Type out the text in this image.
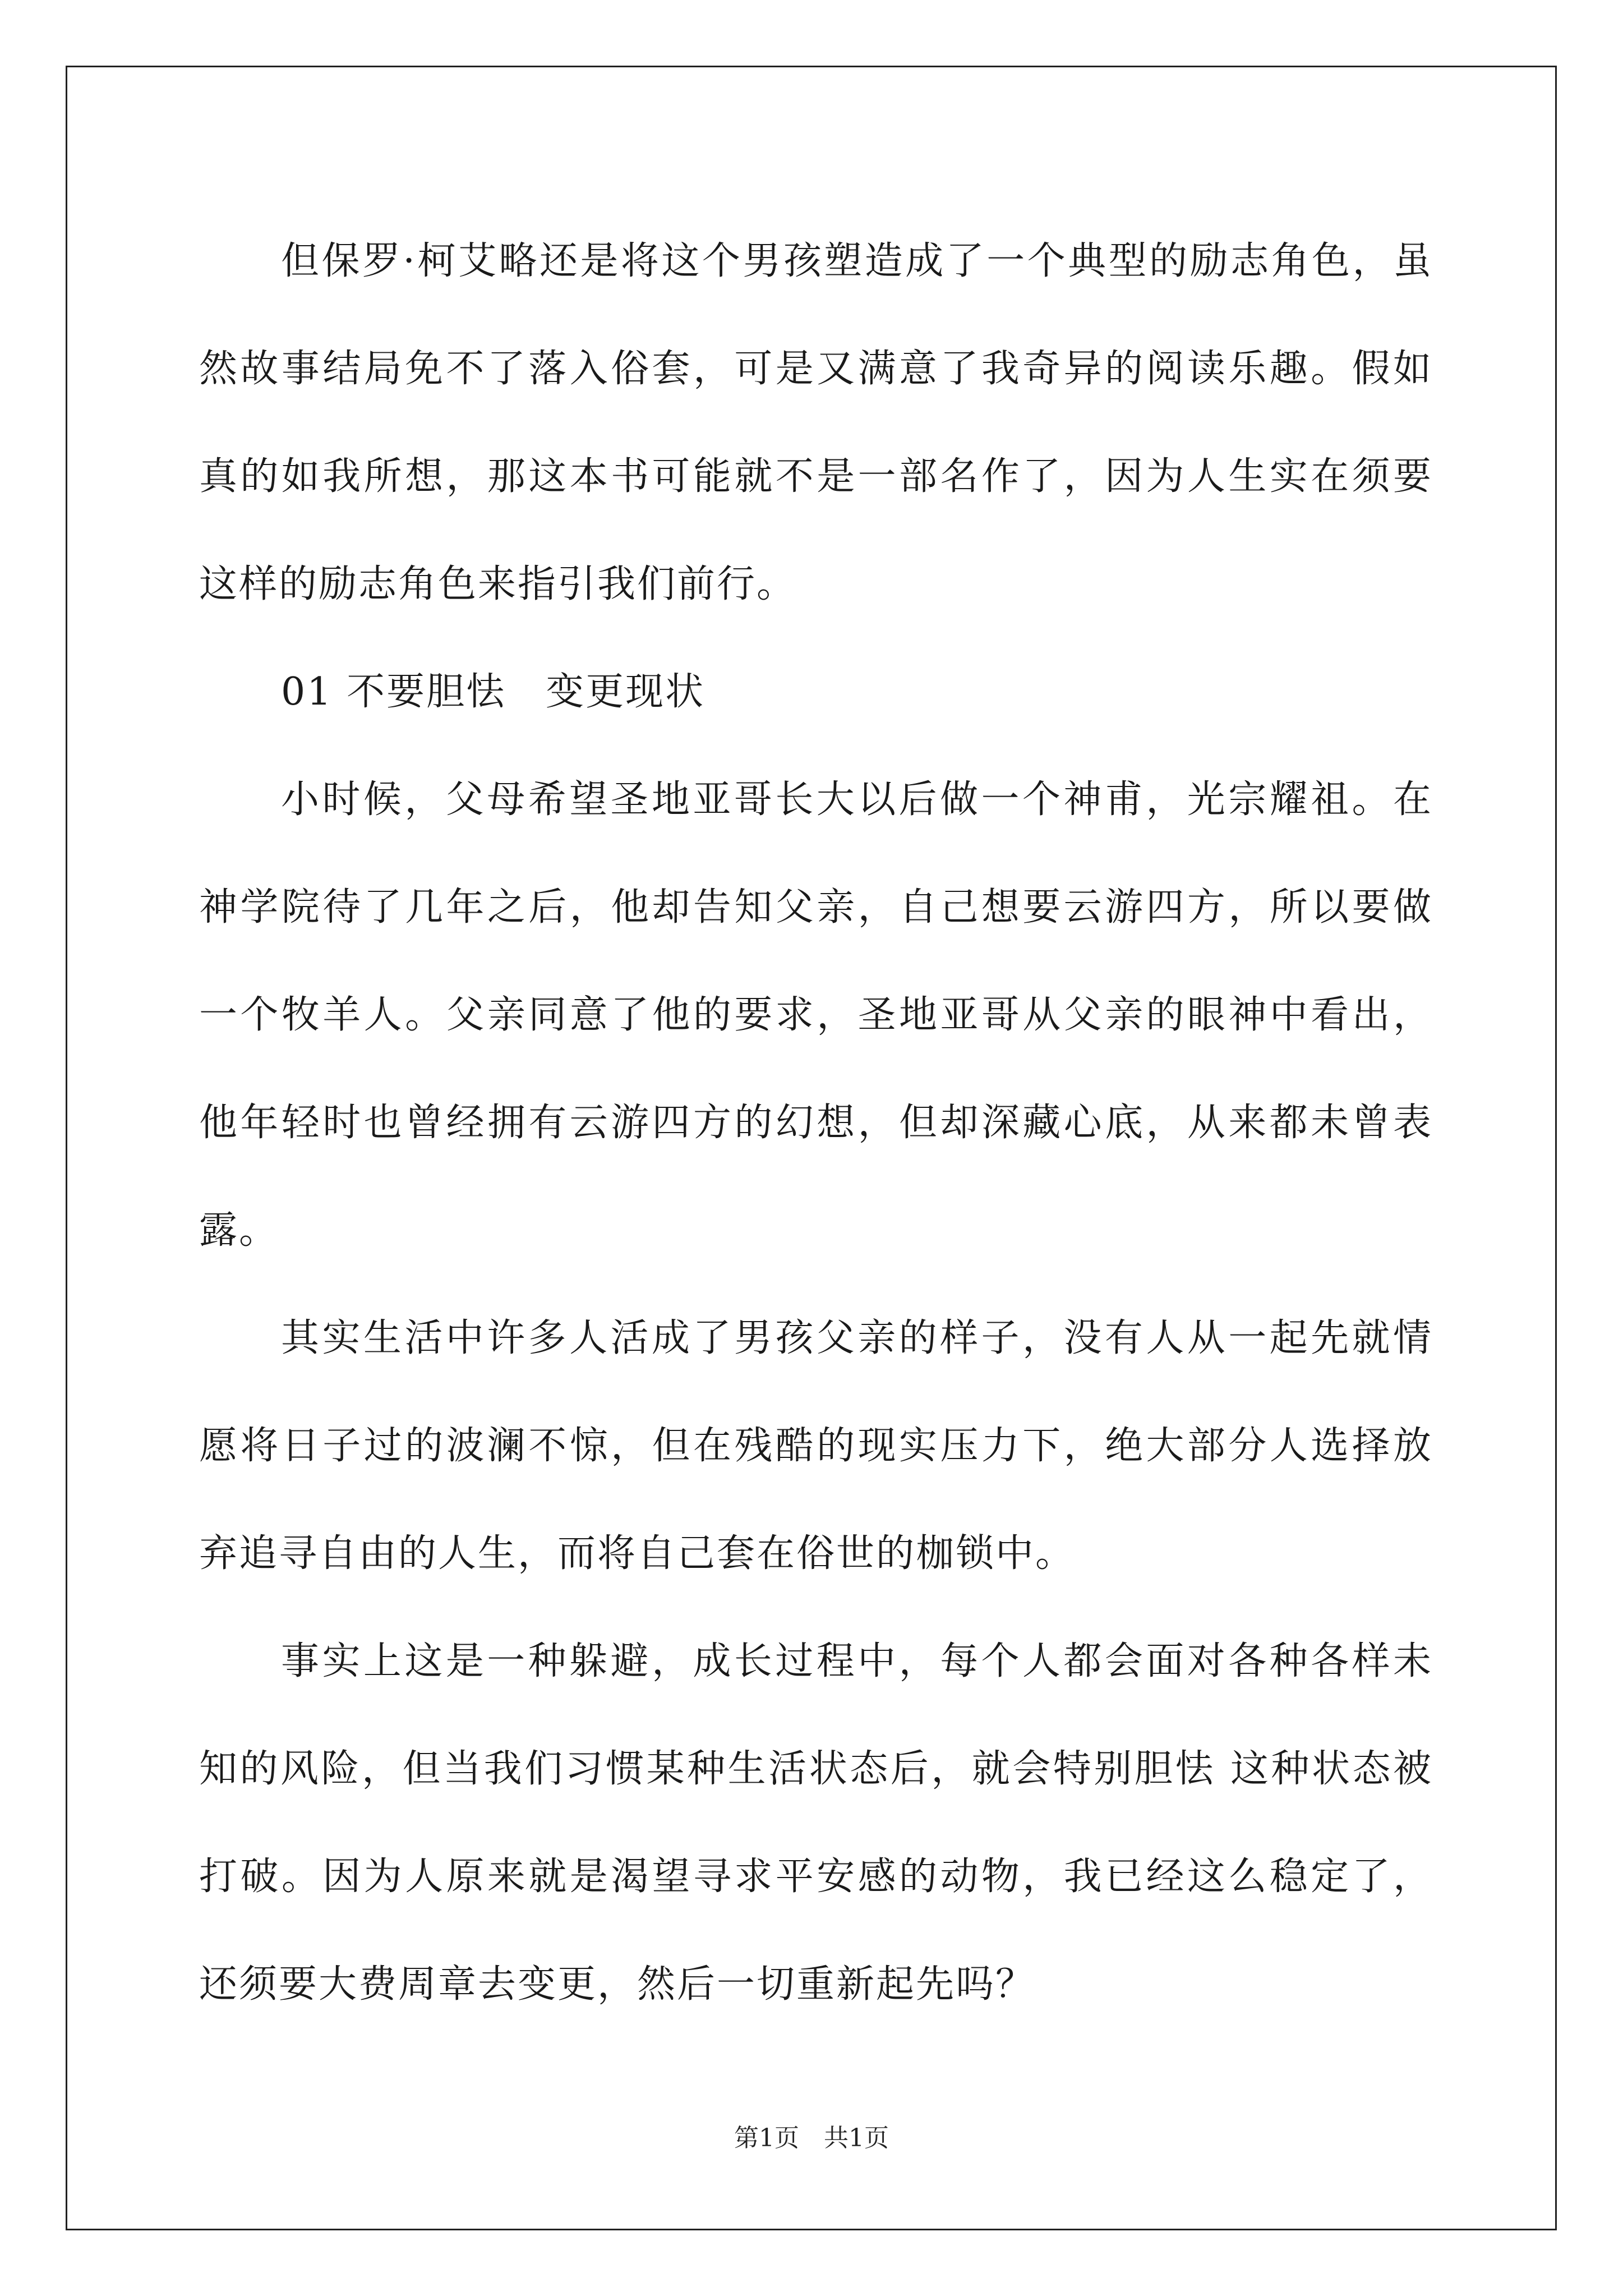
但保罗·柯艾略还是将这个男孩塑造成了一个典型的励志角色，虽然故事结局免不了落入俗套，可是又满意了我奇异的阅读乐趣。假如真的如我所想，那这本书可能就不是一部名作了，因为人生实在须要这样的励志角色来指引我们前行。

01 不要胆怯　变更现状

小时候，父母希望圣地亚哥长大以后做一个神甫，光宗耀祖。在神学院待了几年之后，他却告知父亲，自己想要云游四方，所以要做一个牧羊人。父亲同意了他的要求，圣地亚哥从父亲的眼神中看出，他年轻时也曾经拥有云游四方的幻想，但却深藏心底，从来都未曾表露。

其实生活中许多人活成了男孩父亲的样子，没有人从一起先就情愿将日子过的波澜不惊，但在残酷的现实压力下，绝大部分人选择放弃追寻自由的人生，而将自己套在俗世的枷锁中。

事实上这是一种躲避，成长过程中，每个人都会面对各种各样未知的风险，但当我们习惯某种生活状态后，就会特别胆怯 这种状态被打破。因为人原来就是渴望寻求平安感的动物，我已经这么稳定了，还须要大费周章去变更，然后一切重新起先吗？

第1页　共1页
